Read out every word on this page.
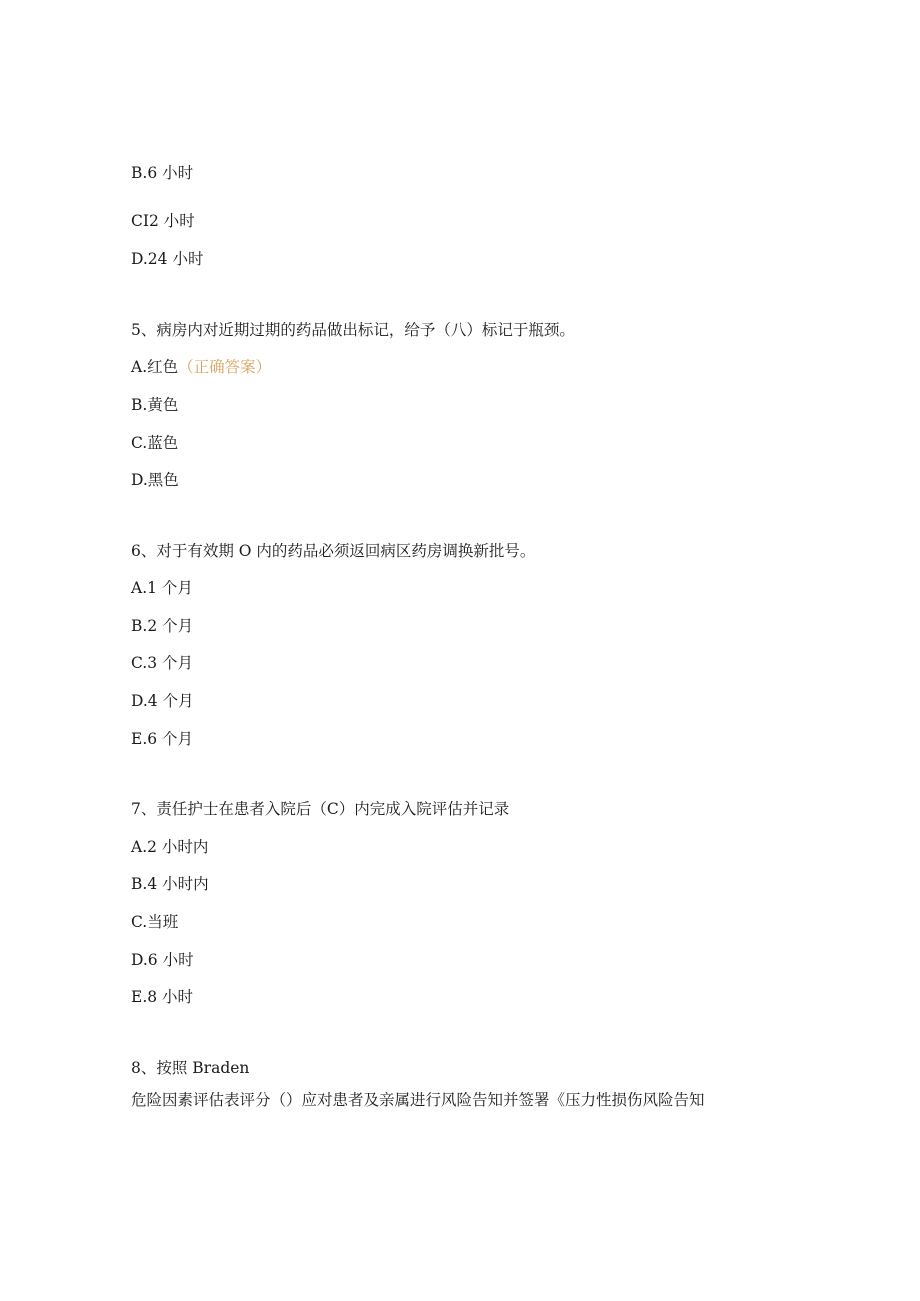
B.6 小时
CI2 小时
D.24 小时
5、病房内对近期过期的药品做出标记，给予（八）标记于瓶颈。
A.红色（正确答案）
B.黄色
C.蓝色
D.黑色
6、对于有效期 O 内的药品必须返回病区药房调换新批号。
A.1 个月
B.2 个月
C.3 个月
D.4 个月
E.6 个月
7、责任护士在患者入院后（C）内完成入院评估并记录
A.2 小时内
B.4 小时内
C.当班
D.6 小时
E.8 小时
8、按照 Braden
危险因素评估表评分（）应对患者及亲属进行风险告知并签署《压力性损伤风险告知
